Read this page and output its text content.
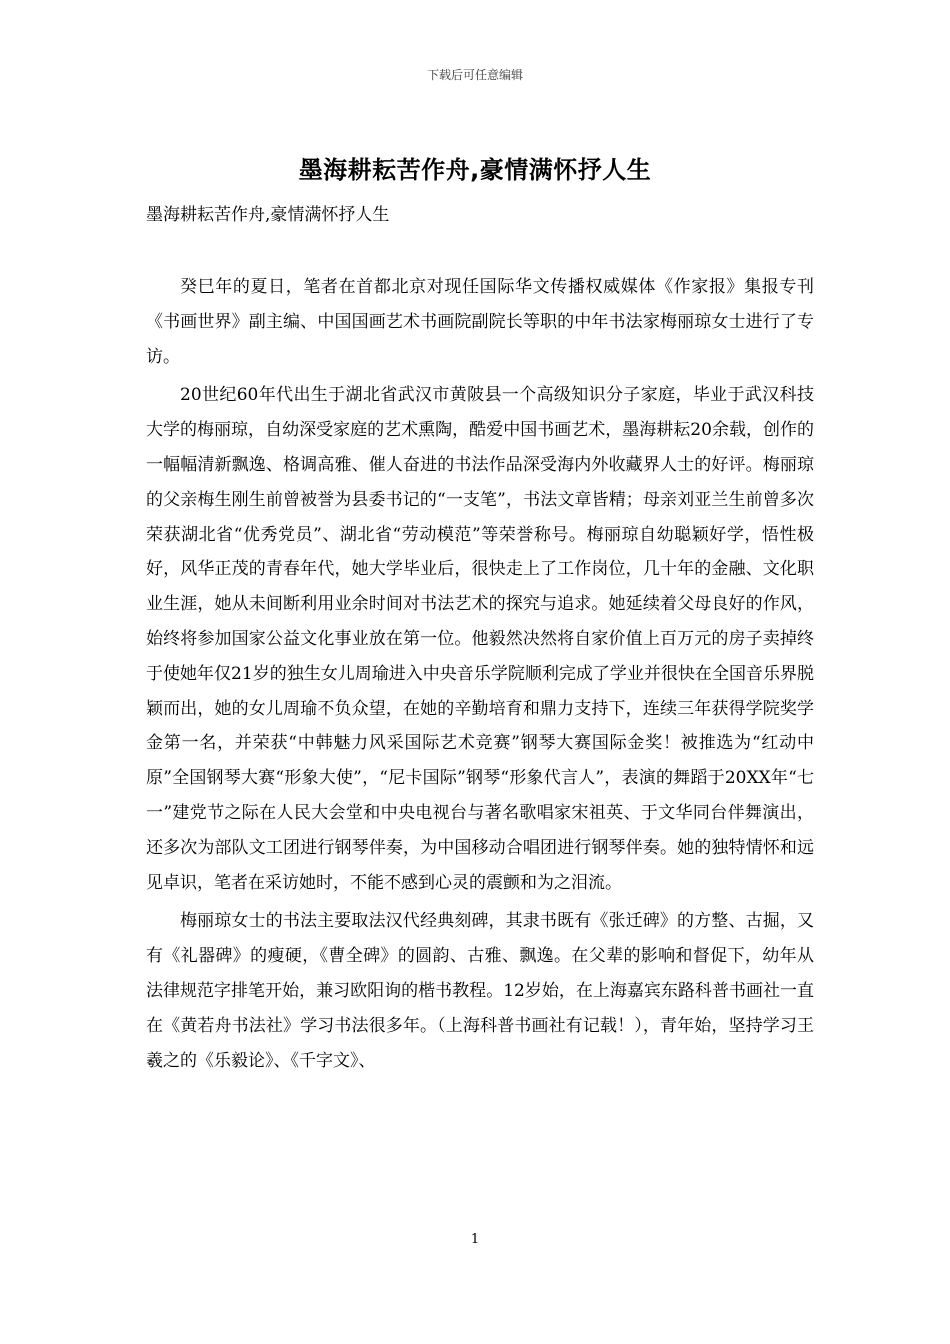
下载后可任意编辑
墨海耕耘苦作舟,豪情满怀抒人生

墨海耕耘苦作舟,豪情满怀抒人生

癸巳年的夏日，笔者在首都北京对现任国际华文传播权威媒体《作家报》集报专刊《书画世界》副主编、中国国画艺术书画院副院长等职的中年书法家梅丽琼女士进行了专访。

20世纪60年代出生于湖北省武汉市黄陂县一个高级知识分子家庭，毕业于武汉科技大学的梅丽琼，自幼深受家庭的艺术熏陶，酷爱中国书画艺术，墨海耕耘20余载，创作的一幅幅清新飘逸、格调高雅、催人奋进的书法作品深受海内外收藏界人士的好评。梅丽琼的父亲梅生刚生前曾被誉为县委书记的“一支笔”，书法文章皆精；母亲刘亚兰生前曾多次荣获湖北省“优秀党员”、湖北省“劳动模范”等荣誉称号。梅丽琼自幼聪颖好学，悟性极好，风华正茂的青春年代，她大学毕业后，很快走上了工作岗位，几十年的金融、文化职业生涯，她从未间断利用业余时间对书法艺术的探究与追求。她延续着父母良好的作风，始终将参加国家公益文化事业放在第一位。他毅然决然将自家价值上百万元的房子卖掉终于使她年仅21岁的独生女儿周瑜进入中央音乐学院顺利完成了学业并很快在全国音乐界脱颖而出，她的女儿周瑜不负众望，在她的辛勤培育和鼎力支持下，连续三年获得学院奖学金第一名，并荣获“中韩魅力风采国际艺术竞赛”钢琴大赛国际金奖！被推选为“红动中原”全国钢琴大赛“形象大使”，“尼卡国际”钢琴“形象代言人”，表演的舞蹈于20XX年“七一”建党节之际在人民大会堂和中央电视台与著名歌唱家宋祖英、于文华同台伴舞演出，还多次为部队文工团进行钢琴伴奏，为中国移动合唱团进行钢琴伴奏。她的独特情怀和远见卓识，笔者在采访她时，不能不感到心灵的震颤和为之泪流。

梅丽琼女士的书法主要取法汉代经典刻碑，其隶书既有《张迁碑》的方整、古掘，又有《礼器碑》的瘦硬，《曹全碑》的圆韵、古雅、飘逸。在父辈的影响和督促下，幼年从法律规范字排笔开始，兼习欧阳询的楷书教程。12岁始，在上海嘉宾东路科普书画社一直在《黄若舟书法社》学习书法很多年。（上海科普书画社有记载！），青年始，坚持学习王羲之的《乐毅论》、《千字文》、

1
